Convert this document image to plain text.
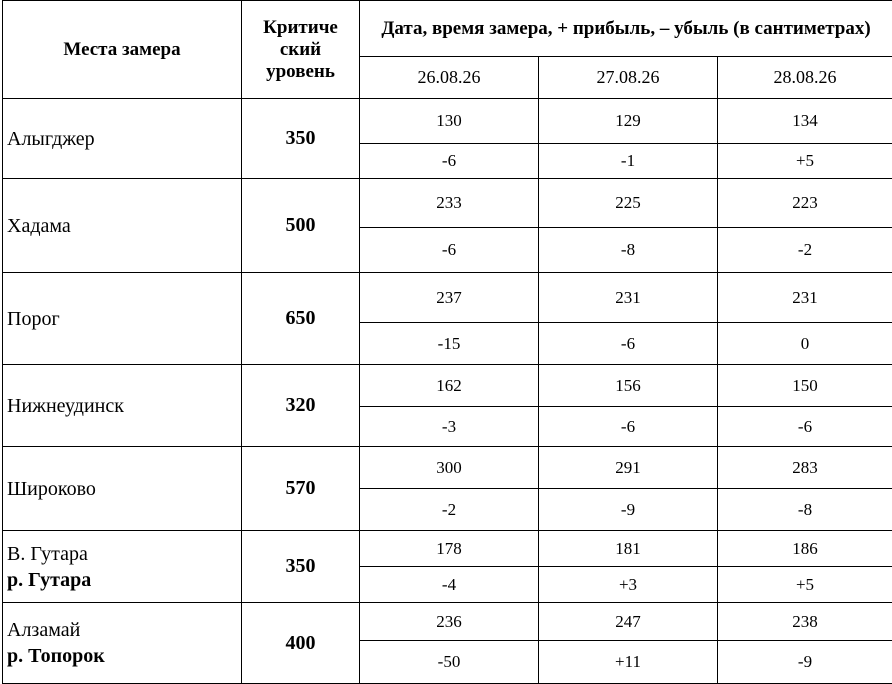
Места замера	Критиче ский уровень	Дата, время замера, + прибыль, – убыль (в сантиметрах)		
		26.08.26	27.08.26	28.08.26
Алыгджер	350	130	129	134
		-6	-1	+5
Хадама	500	233	225	223
		-6	-8	-2
Порог	650	237	231	231
		-15	-6	0
Нижнеудинск	320	162	156	150
		-3	-6	-6
Широково	570	300	291	283
		-2	-9	-8

В. Гутара
р. Гутара	350	178	181	186
		-4	+3	+5

Алзамай
р. Топорок	400	236	247	238
		-50	+11	-9
